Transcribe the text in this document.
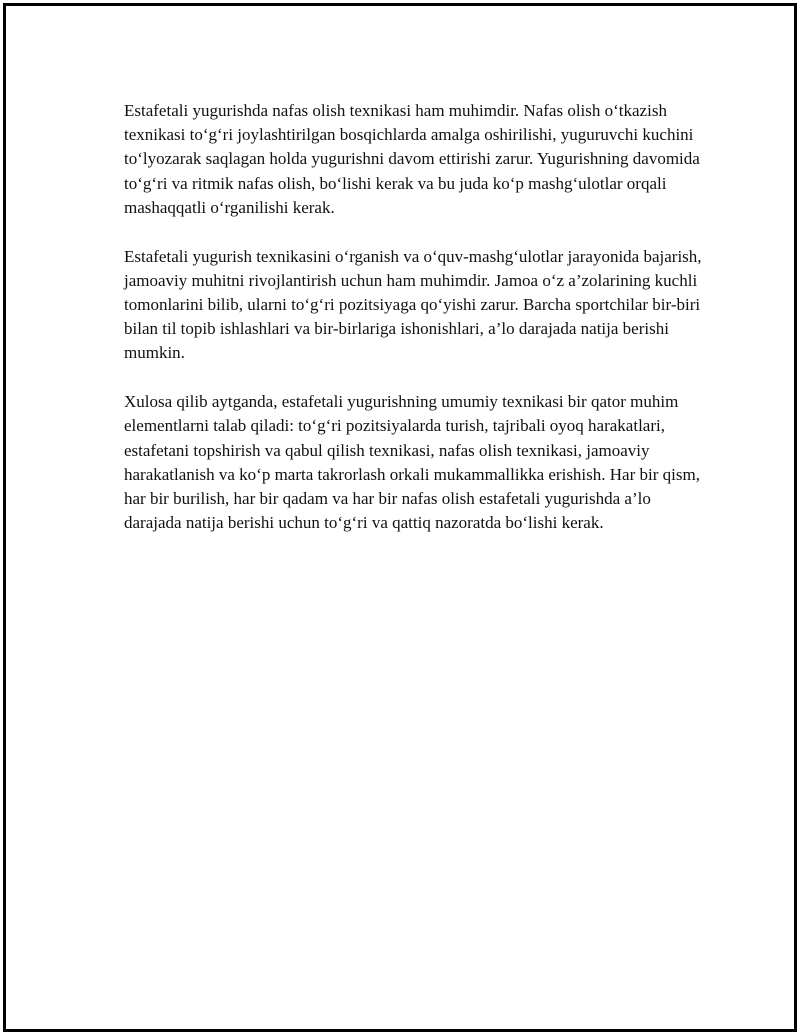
Estafetali yugurishda nafas olish texnikasi ham muhimdir. Nafas olish o‘tkazish texnikasi to‘g‘ri joylashtirilgan bosqichlarda amalga oshirilishi, yuguruvchi kuchini to‘lyozarak saqlagan holda yugurishni davom ettirishi zarur. Yugurishning davomida to‘g‘ri va ritmik nafas olish, bo‘lishi kerak va bu juda ko‘p mashg‘ulotlar orqali mashaqqatli o‘rganilishi kerak.

Estafetali yugurish texnikasini o‘rganish va o‘quv-mashg‘ulotlar jarayonida bajarish, jamoaviy muhitni rivojlantirish uchun ham muhimdir. Jamoa o‘z a’zolarining kuchli tomonlarini bilib, ularni to‘g‘ri pozitsiyaga qo‘yishi zarur. Barcha sportchilar bir-biri bilan til topib ishlashlari va bir-birlariga ishonishlari, a’lo darajada natija berishi mumkin.

Xulosa qilib aytganda, estafetali yugurishning umumiy texnikasi bir qator muhim elementlarni talab qiladi: to‘g‘ri pozitsiyalarda turish, tajribali oyoq harakatlari, estafetani topshirish va qabul qilish texnikasi, nafas olish texnikasi, jamoaviy harakatlanish va ko‘p marta takrorlash orkali mukammallikka erishish. Har bir qism, har bir burilish, har bir qadam va har bir nafas olish estafetali yugurishda a’lo darajada natija berishi uchun to‘g‘ri va qattiq nazoratda bo‘lishi kerak.
